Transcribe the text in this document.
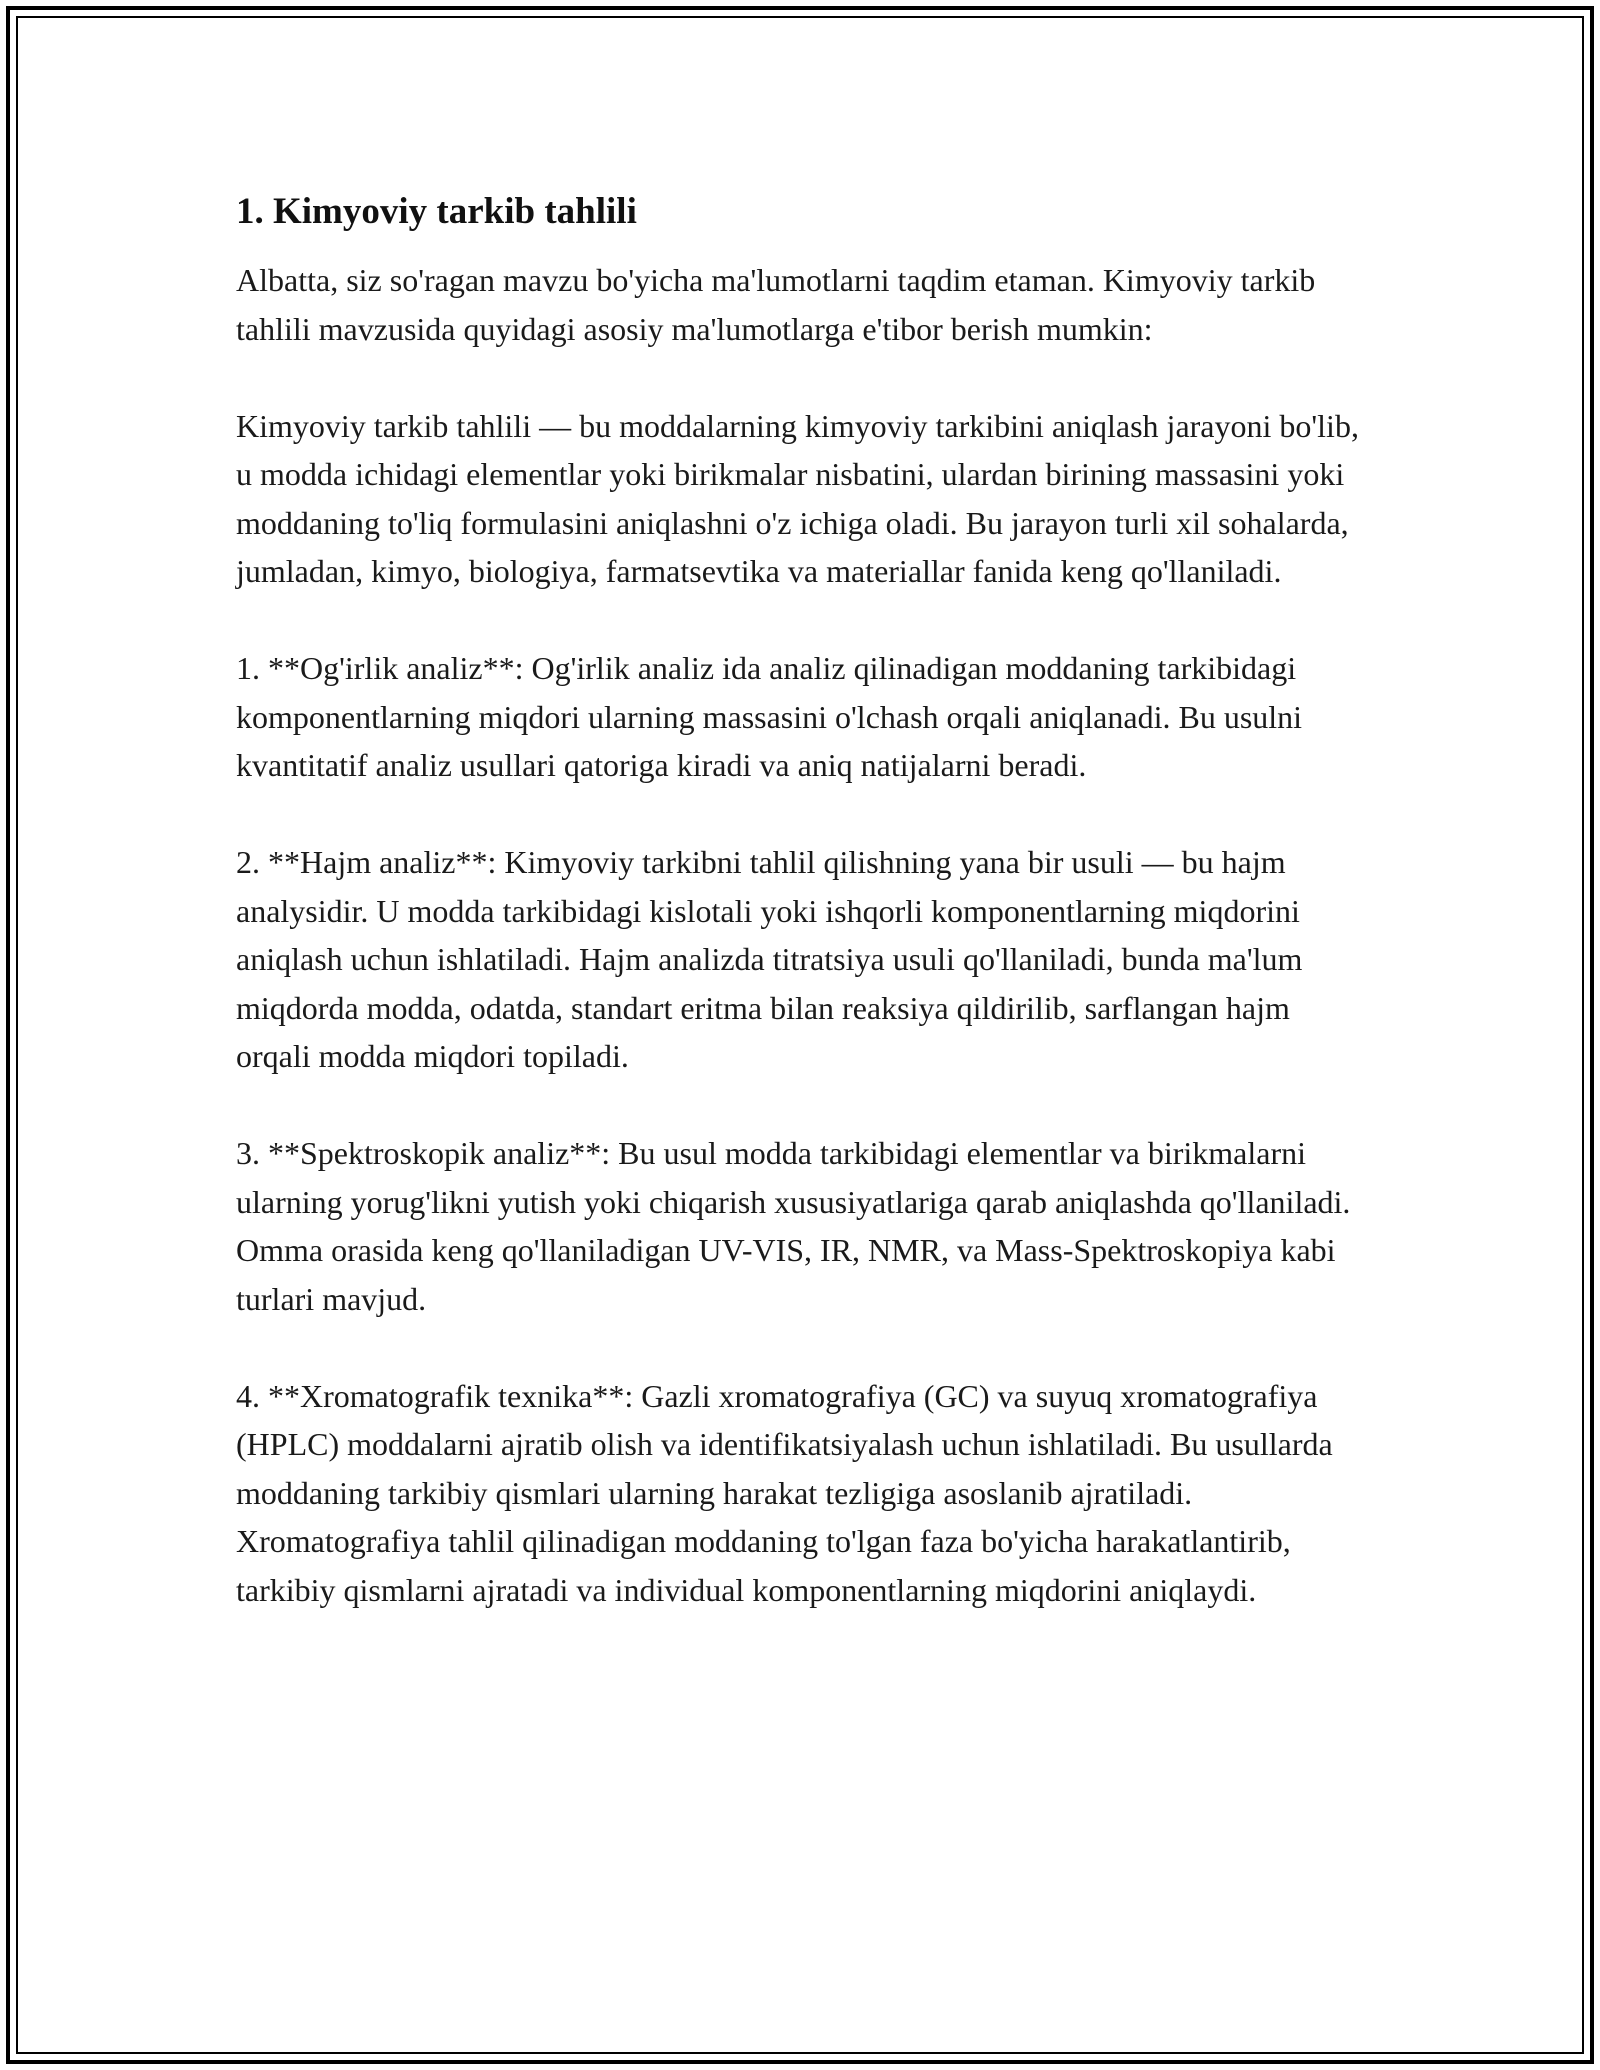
1. Kimyoviy tarkib tahlili

Albatta, siz so'ragan mavzu bo'yicha ma'lumotlarni taqdim etaman. Kimyoviy tarkib tahlili mavzusida quyidagi asosiy ma'lumotlarga e'tibor berish mumkin:

Kimyoviy tarkib tahlili — bu moddalarning kimyoviy tarkibini aniqlash jarayoni bo'lib, u modda ichidagi elementlar yoki birikmalar nisbatini, ulardan birining massasini yoki moddaning to'liq formulasini aniqlashni o'z ichiga oladi. Bu jarayon turli xil sohalarda, jumladan, kimyo, biologiya, farmatsevtika va materiallar fanida keng qo'llaniladi.

1. **Og'irlik analiz**: Og'irlik analiz ida analiz qilinadigan moddaning tarkibidagi komponentlarning miqdori ularning massasini o'lchash orqali aniqlanadi. Bu usulni kvantitatif analiz usullari qatoriga kiradi va aniq natijalarni beradi.

2. **Hajm analiz**: Kimyoviy tarkibni tahlil qilishning yana bir usuli — bu hajm analysidir. U modda tarkibidagi kislotali yoki ishqorli komponentlarning miqdorini aniqlash uchun ishlatiladi. Hajm analizda titratsiya usuli qo'llaniladi, bunda ma'lum miqdorda modda, odatda, standart eritma bilan reaksiya qildirilib, sarflangan hajm orqali modda miqdori topiladi.

3. **Spektroskopik analiz**: Bu usul modda tarkibidagi elementlar va birikmalarni ularning yorug'likni yutish yoki chiqarish xususiyatlariga qarab aniqlashda qo'llaniladi. Omma orasida keng qo'llaniladigan UV-VIS, IR, NMR, va Mass-Spektroskopiya kabi turlari mavjud.

4. **Xromatografik texnika**: Gazli xromatografiya (GC) va suyuq xromatografiya (HPLC) moddalarni ajratib olish va identifikatsiyalash uchun ishlatiladi. Bu usullarda moddaning tarkibiy qismlari ularning harakat tezligiga asoslanib ajratiladi. Xromatografiya tahlil qilinadigan moddaning to'lgan faza bo'yicha harakatlantirib, tarkibiy qismlarni ajratadi va individual komponentlarning miqdorini aniqlaydi.
